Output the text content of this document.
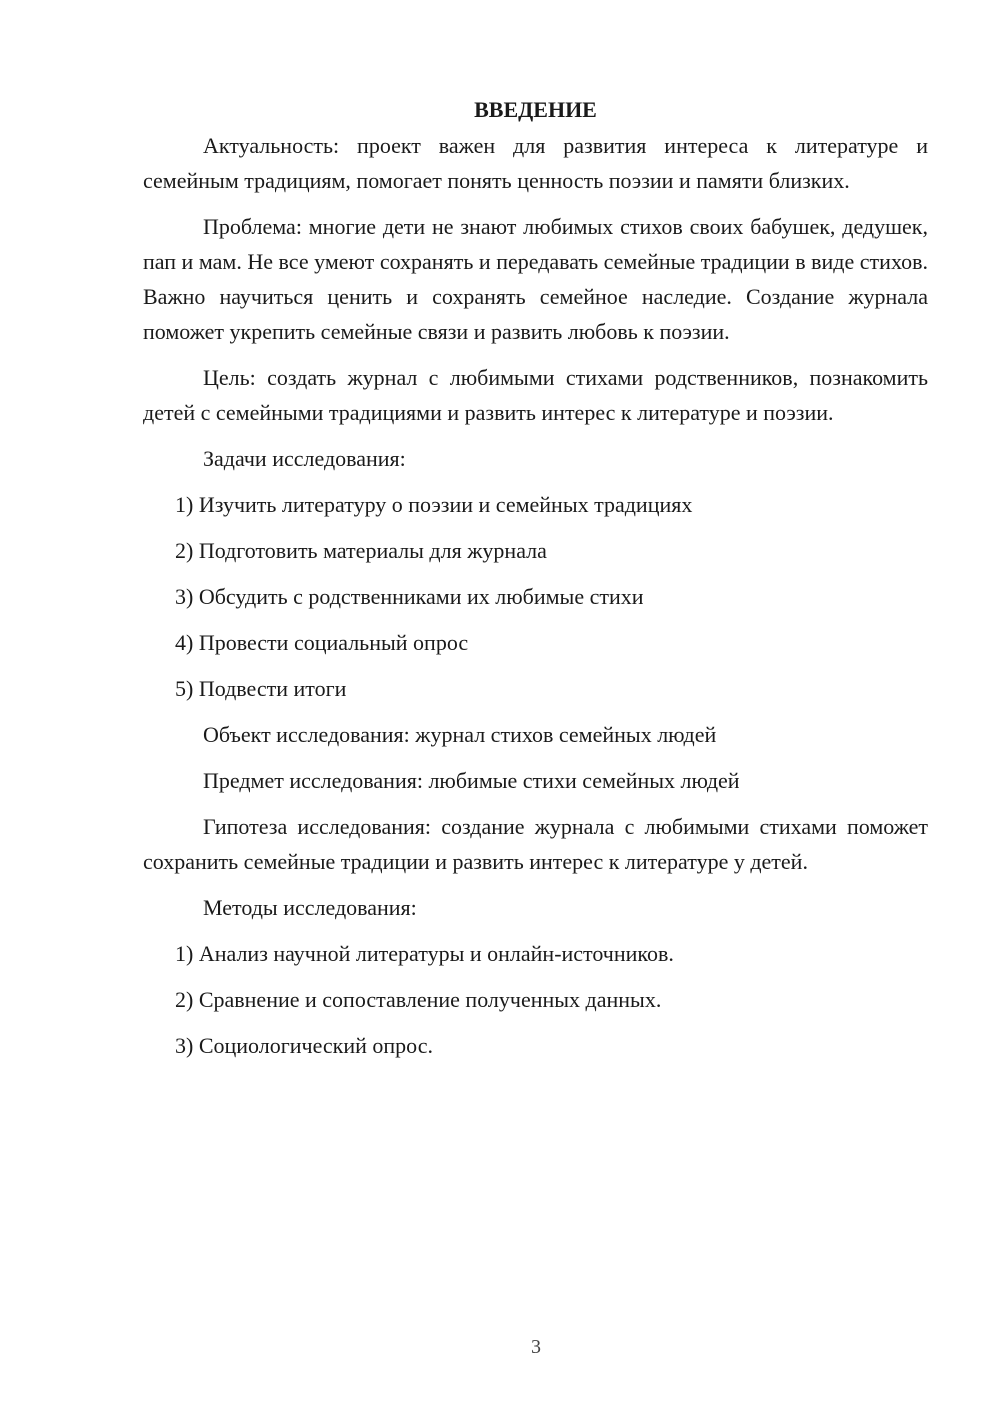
ВВЕДЕНИЕ
Актуальность: проект важен для развития интереса к литературе и семейным традициям, помогает понять ценность поэзии и памяти близких.
Проблема: многие дети не знают любимых стихов своих бабушек, дедушек, пап и мам. Не все умеют сохранять и передавать семейные традиции в виде стихов. Важно научиться ценить и сохранять семейное наследие. Создание журнала поможет укрепить семейные связи и развить любовь к поэзии.
Цель: создать журнал с любимыми стихами родственников, познакомить детей с семейными традициями и развить интерес к литературе и поэзии.
Задачи исследования:
1) Изучить литературу о поэзии и семейных традициях
2) Подготовить материалы для журнала
3) Обсудить с родственниками их любимые стихи
4) Провести социальный опрос
5) Подвести итоги
Объект исследования: журнал стихов семейных людей
Предмет исследования: любимые стихи семейных людей
Гипотеза исследования: создание журнала с любимыми стихами поможет сохранить семейные традиции и развить интерес к литературе у детей.
Методы исследования:
1) Анализ научной литературы и онлайн-источников.
2) Сравнение и сопоставление полученных данных.
3) Социологический опрос.
3
